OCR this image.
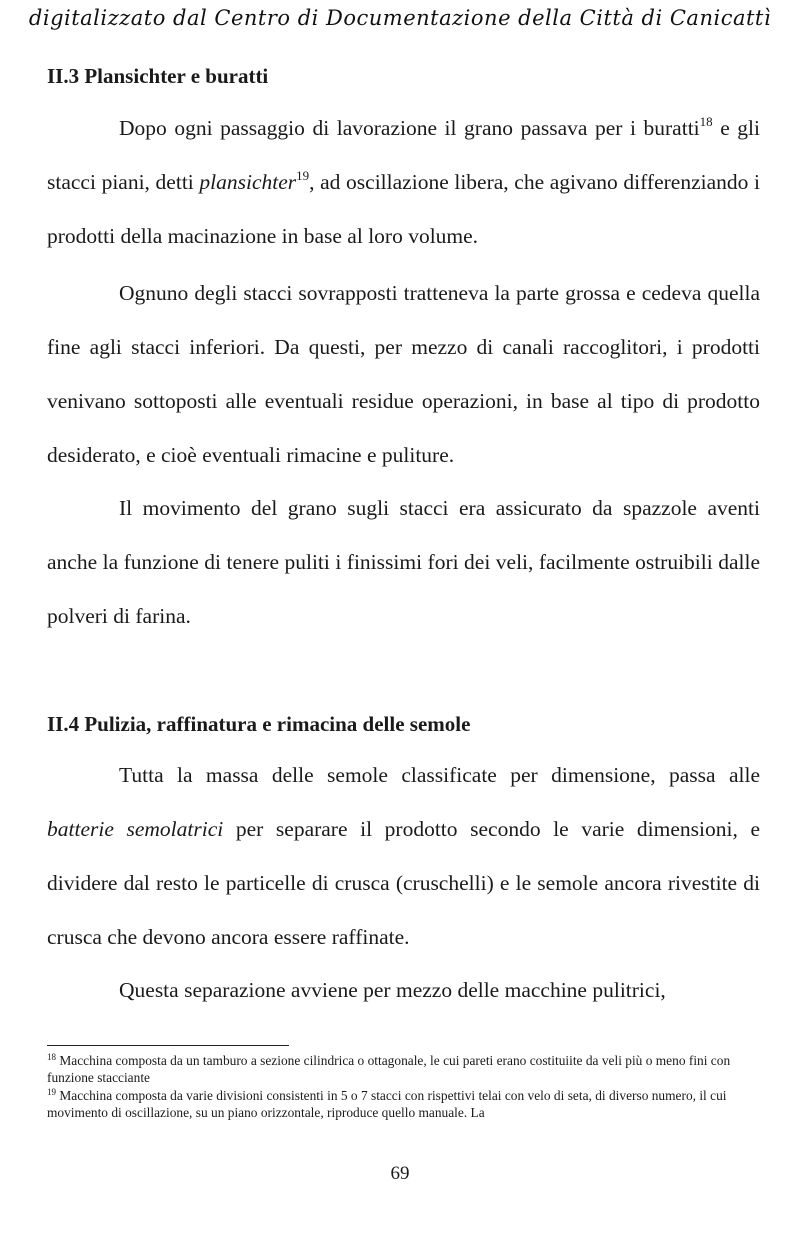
digitalizzato dal Centro di Documentazione della Città di Canicattì
II.3 Plansichter e buratti

Dopo ogni passaggio di lavorazione il grano passava per i buratti$^{18}$ e gli stacci piani, detti plansichter$^{19}$, ad oscillazione libera, che agivano differenziando i prodotti della macinazione in base al loro volume.

Ognuno degli stacci sovrapposti tratteneva la parte grossa e cedeva quella fine agli stacci inferiori. Da questi, per mezzo di canali raccoglitori, i prodotti venivano sottoposti alle eventuali residue operazioni, in base al tipo di prodotto desiderato, e cioè eventuali rimacine e puliture.

Il movimento del grano sugli stacci era assicurato da spazzole aventi anche la funzione di tenere puliti i finissimi fori dei veli, facilmente ostruibili dalle polveri di farina.

II.4 Pulizia, raffinatura e rimacina delle semole

Tutta la massa delle semole classificate per dimensione, passa alle batterie semolatrici per separare il prodotto secondo le varie dimensioni, e dividere dal resto le particelle di crusca (cruschelli) e le semole ancora rivestite di crusca che devono ancora essere raffinate.

Questa separazione avviene per mezzo delle macchine pulitrici,

$^{18}$ Macchina composta da un tamburo a sezione cilindrica o ottagonale, le cui pareti erano costituiite da veli più o meno fini con funzione stacciante

$^{19}$ Macchina composta da varie divisioni consistenti in 5 o 7 stacci con rispettivi telai con velo di seta, di diverso numero, il cui movimento di oscillazione, su un piano orizzontale, riproduce quello manuale. La

69
